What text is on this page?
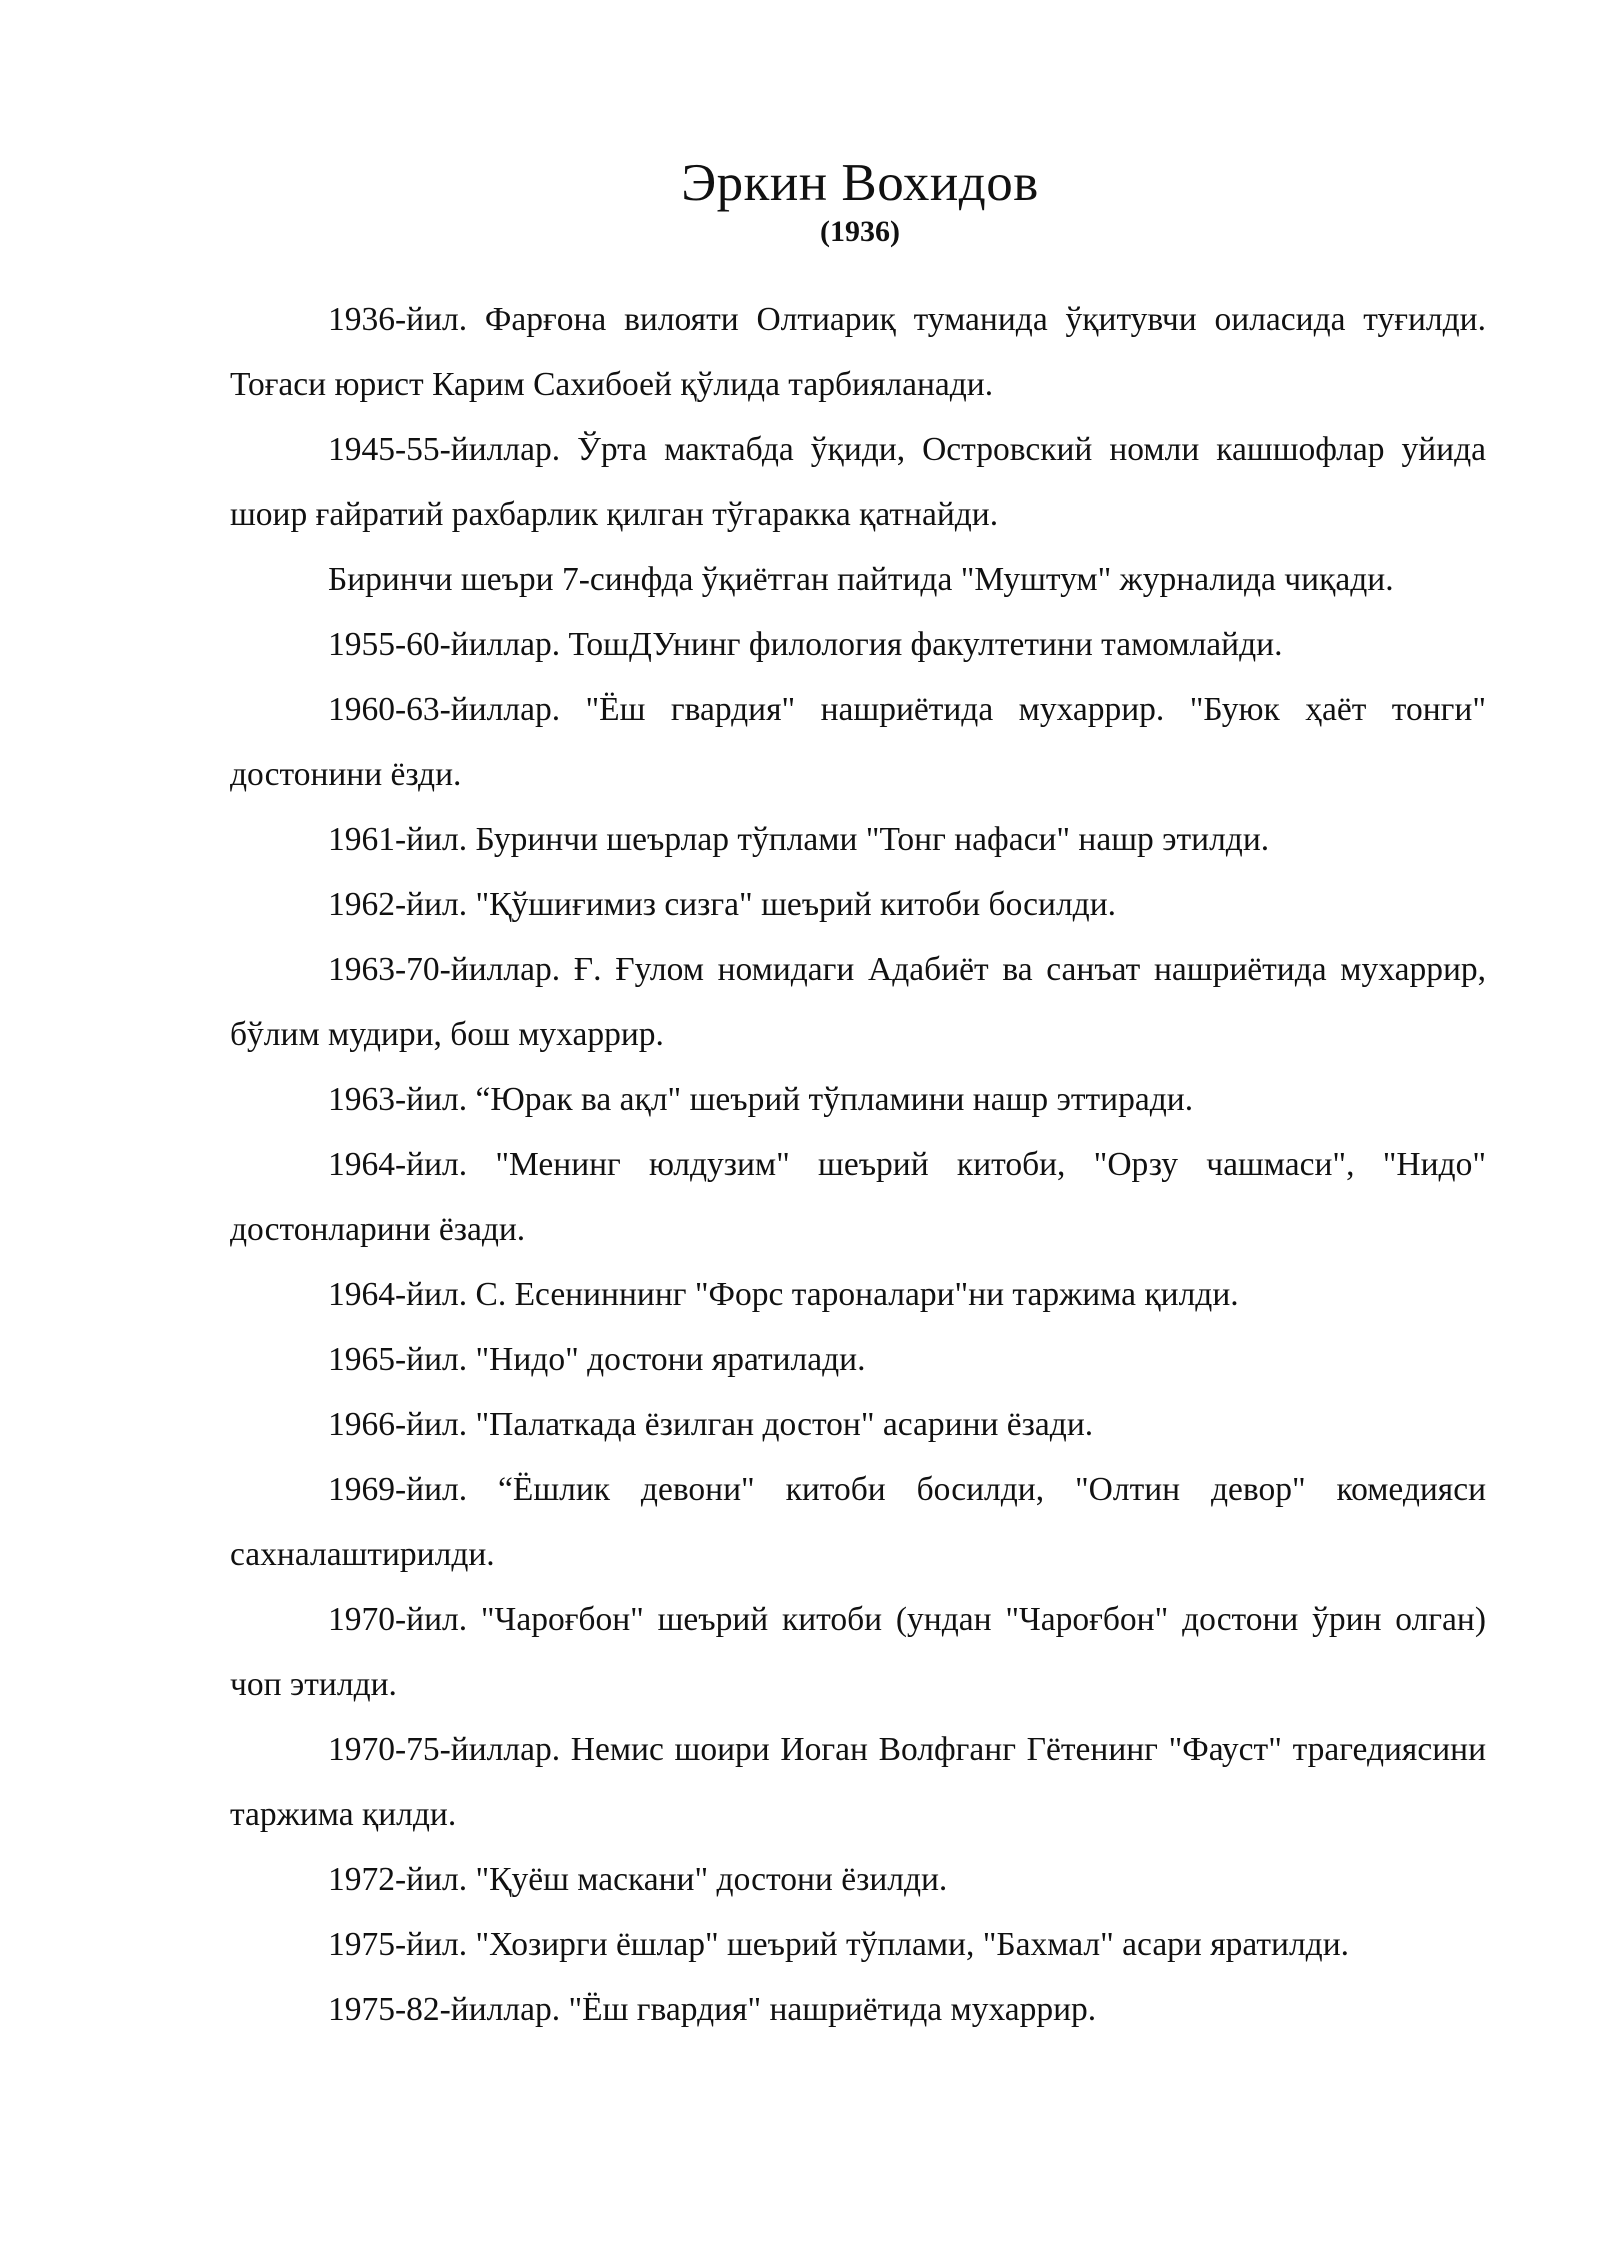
Эркин Вохидов
(1936)

1936-йил. Фарғона вилояти Олтиариқ туманида ўқитувчи оиласида туғилди. Тоғаси юрист Карим Сахибоей қўлида тарбияланади.

1945-55-йиллар. Ўрта мактабда ўқиди, Островский номли кашшофлар уйида шоир ғайратий рахбарлик қилган тўгаракка қатнайди.

Биринчи шеъри 7-синфда ўқиётган пайтида "Муштум" журналида чиқади.

1955-60-йиллар. ТошДУнинг филология факултетини тамомлайди.

1960-63-йиллар. "Ёш гвардия" нашриётида мухаррир. "Буюк ҳаёт тонги" достонини ёзди.

1961-йил. Буринчи шеърлар тўплами "Тонг нафаси" нашр этилди.

1962-йил. "Қўшиғимиз сизга" шеърий китоби босилди.

1963-70-йиллар. Ғ. Ғулом номидаги Адабиёт ва санъат нашриётида мухаррир, бўлим мудири, бош мухаррир.

1963-йил. “Юрак ва ақл" шеърий тўпламини нашр эттиради.

1964-йил. "Менинг юлдузим" шеърий китоби, "Орзу чашмаси", "Нидо" достонларини ёзади.

1964-йил. С. Есениннинг "Форс тароналари"ни таржима қилди.

1965-йил. "Нидо" достони яратилади.

1966-йил. "Палаткада ёзилган достон" асарини ёзади.

1969-йил. “Ёшлик девони" китоби босилди, "Олтин девор" комедияси сахналаштирилди.

1970-йил. "Чароғбон" шеърий китоби (ундан "Чароғбон" достони ўрин олган) чоп этилди.

1970-75-йиллар. Немис шоири Иоган Волфганг Гётенинг "Фауст" трагедиясини таржима қилди.

1972-йил. "Қуёш маскани" достони ёзилди.

1975-йил. "Хозирги ёшлар" шеърий тўплами, "Бахмал" асари яратилди.

1975-82-йиллар. "Ёш гвардия" нашриётида мухаррир.
